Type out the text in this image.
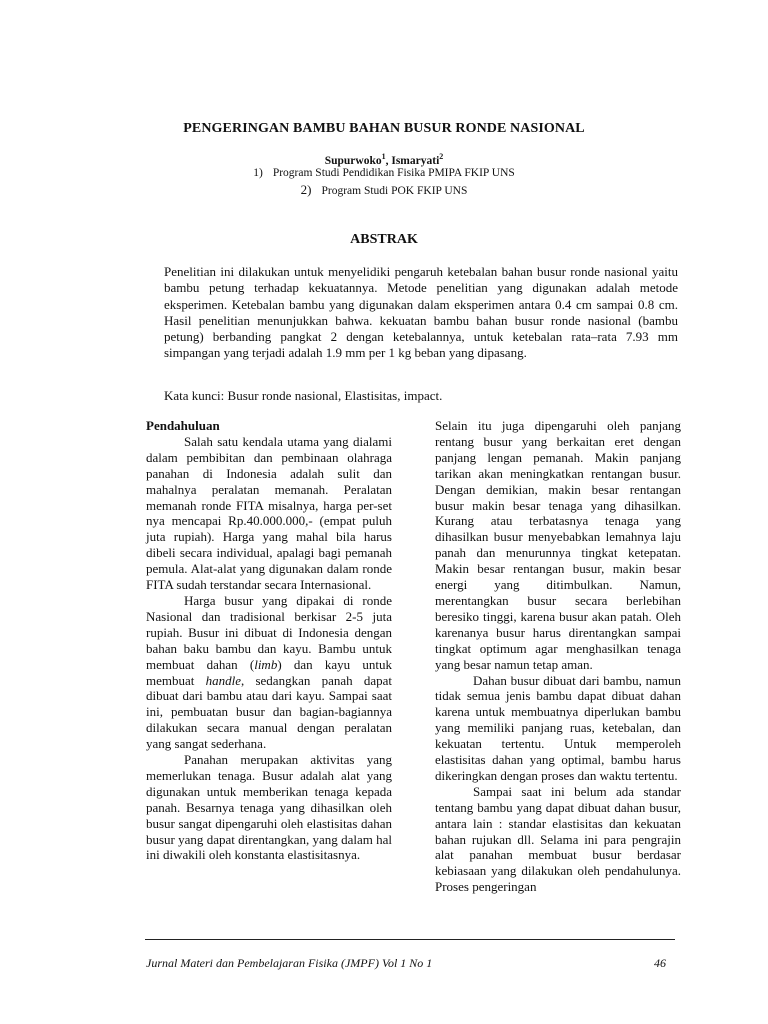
PENGERINGAN BAMBU BAHAN BUSUR RONDE NASIONAL
Supurwoko$^1$, Ismaryati$^2$
1) Program Studi Pendidikan Fisika PMIPA FKIP UNS
2) Program Studi POK FKIP UNS
ABSTRAK

Penelitian ini dilakukan untuk menyelidiki pengaruh ketebalan bahan busur ronde nasional yaitu bambu petung terhadap kekuatannya. Metode penelitian yang digunakan adalah metode eksperimen. Ketebalan bambu yang digunakan dalam eksperimen antara 0.4 cm sampai 0.8 cm. Hasil penelitian menunjukkan bahwa. kekuatan bambu bahan busur ronde nasional (bambu petung) berbanding pangkat 2 dengan ketebalannya, untuk ketebalan rata–rata 7.93 mm simpangan yang terjadi adalah 1.9 mm per 1 kg beban yang dipasang.

Kata kunci: Busur ronde nasional, Elastisitas, impact.

Pendahuluan

Salah satu kendala utama yang dialami dalam pembibitan dan pembinaan olahraga panahan di Indonesia adalah sulit dan mahalnya peralatan memanah. Peralatan memanah ronde FITA misalnya, harga per-set nya mencapai Rp.40.000.000,- (empat puluh juta rupiah). Harga yang mahal bila harus dibeli secara individual, apalagi bagi pemanah pemula. Alat-alat yang digunakan dalam ronde FITA sudah terstandar secara Internasional.

Harga busur yang dipakai di ronde Nasional dan tradisional berkisar 2-5 juta rupiah. Busur ini dibuat di Indonesia dengan bahan baku bambu dan kayu. Bambu untuk membuat dahan (limb) dan kayu untuk membuat handle, sedangkan panah dapat dibuat dari bambu atau dari kayu. Sampai saat ini, pembuatan busur dan bagian-bagiannya dilakukan secara manual dengan peralatan yang sangat sederhana.

Panahan merupakan aktivitas yang memerlukan tenaga. Busur adalah alat yang digunakan untuk memberikan tenaga kepada panah. Besarnya tenaga yang dihasilkan oleh busur sangat dipengaruhi oleh elastisitas dahan busur yang dapat direntangkan, yang dalam hal ini diwakili oleh konstanta elastisitasnya.

Selain itu juga dipengaruhi oleh panjang rentang busur yang berkaitan eret dengan panjang lengan pemanah. Makin panjang tarikan akan meningkatkan rentangan busur. Dengan demikian, makin besar rentangan busur makin besar tenaga yang dihasilkan. Kurang atau terbatasnya tenaga yang dihasilkan busur menyebabkan lemahnya laju panah dan menurunnya tingkat ketepatan. Makin besar rentangan busur, makin besar energi yang ditimbulkan. Namun, merentangkan busur secara berlebihan beresiko tinggi, karena busur akan patah. Oleh karenanya busur harus direntangkan sampai tingkat optimum agar menghasilkan tenaga yang besar namun tetap aman.

Dahan busur dibuat dari bambu, namun tidak semua jenis bambu dapat dibuat dahan karena untuk membuatnya diperlukan bambu yang memiliki panjang ruas, ketebalan, dan kekuatan tertentu. Untuk memperoleh elastisitas dahan yang optimal, bambu harus dikeringkan dengan proses dan waktu tertentu.

Sampai saat ini belum ada standar tentang bambu yang dapat dibuat dahan busur, antara lain : standar elastisitas dan kekuatan bahan rujukan dll. Selama ini para pengrajin alat panahan membuat busur berdasar kebiasaan yang dilakukan oleh pendahulunya. Proses pengeringan

Jurnal Materi dan Pembelajaran Fisika (JMPF) Vol 1 No 1	46
